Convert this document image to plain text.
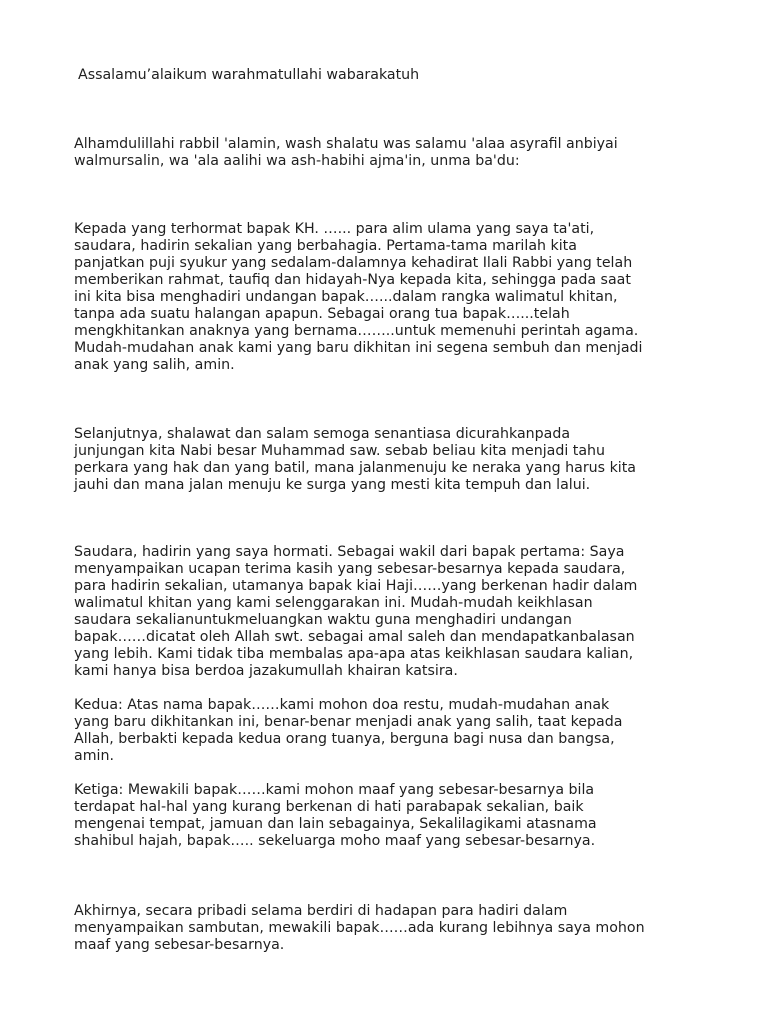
Assalamu’alaikum warahmatullahi wabarakatuh

Alhamdulillahi rabbil 'alamin, wash shalatu was salamu 'alaa asyrafil anbiyai
walmursalin, wa 'ala aalihi wa ash-habihi ajma'in, unma ba'du:

Kepada yang terhormat bapak KH. …... para alim ulama yang saya ta'ati,
saudara, hadirin sekalian yang berbahagia. Pertama-tama marilah kita
panjatkan puji syukur yang sedalam-dalamnya kehadirat Ilali Rabbi yang telah
memberikan rahmat, taufiq dan hidayah-Nya kepada kita, sehingga pada saat
ini kita bisa menghadiri undangan bapak…...dalam rangka walimatul khitan,
tanpa ada suatu halangan apapun. Sebagai orang tua bapak…...telah
mengkhitankan anaknya yang bernama……..untuk memenuhi perintah agama.
Mudah-mudahan anak kami yang baru dikhitan ini segena sembuh dan menjadi
anak yang salih, amin.

Selanjutnya, shalawat dan salam semoga senantiasa dicurahkanpada
junjungan kita Nabi besar Muhammad saw. sebab beliau kita menjadi tahu
perkara yang hak dan yang batil, mana jalanmenuju ke neraka yang harus kita
jauhi dan mana jalan menuju ke surga yang mesti kita tempuh dan lalui.

Saudara, hadirin yang saya hormati. Sebagai wakil dari bapak pertama: Saya
menyampaikan ucapan terima kasih yang sebesar-besarnya kepada saudara,
para hadirin sekalian, utamanya bapak kiai Haji……yang berkenan hadir dalam
walimatul khitan yang kami selenggarakan ini. Mudah-mudah keikhlasan
saudara sekalianuntukmeluangkan waktu guna menghadiri undangan
bapak……dicatat oleh Allah swt. sebagai amal saleh dan mendapatkanbalasan
yang lebih. Kami tidak tiba membalas apa-apa atas keikhlasan saudara kalian,
kami hanya bisa berdoa jazakumullah khairan katsira.

Kedua: Atas nama bapak……kami mohon doa restu, mudah-mudahan anak
yang baru dikhitankan ini, benar-benar menjadi anak yang salih, taat kepada
Allah, berbakti kepada kedua orang tuanya, berguna bagi nusa dan bangsa,
amin.

Ketiga: Mewakili bapak……kami mohon maaf yang sebesar-besarnya bila
terdapat hal-hal yang kurang berkenan di hati parabapak sekalian, baik
mengenai tempat, jamuan dan lain sebagainya, Sekalilagikami atasnama
shahibul hajah, bapak….. sekeluarga moho maaf yang sebesar-besarnya.

Akhirnya, secara pribadi selama berdiri di hadapan para hadiri dalam
menyampaikan sambutan, mewakili bapak……ada kurang lebihnya saya mohon
maaf yang sebesar-besarnya.
